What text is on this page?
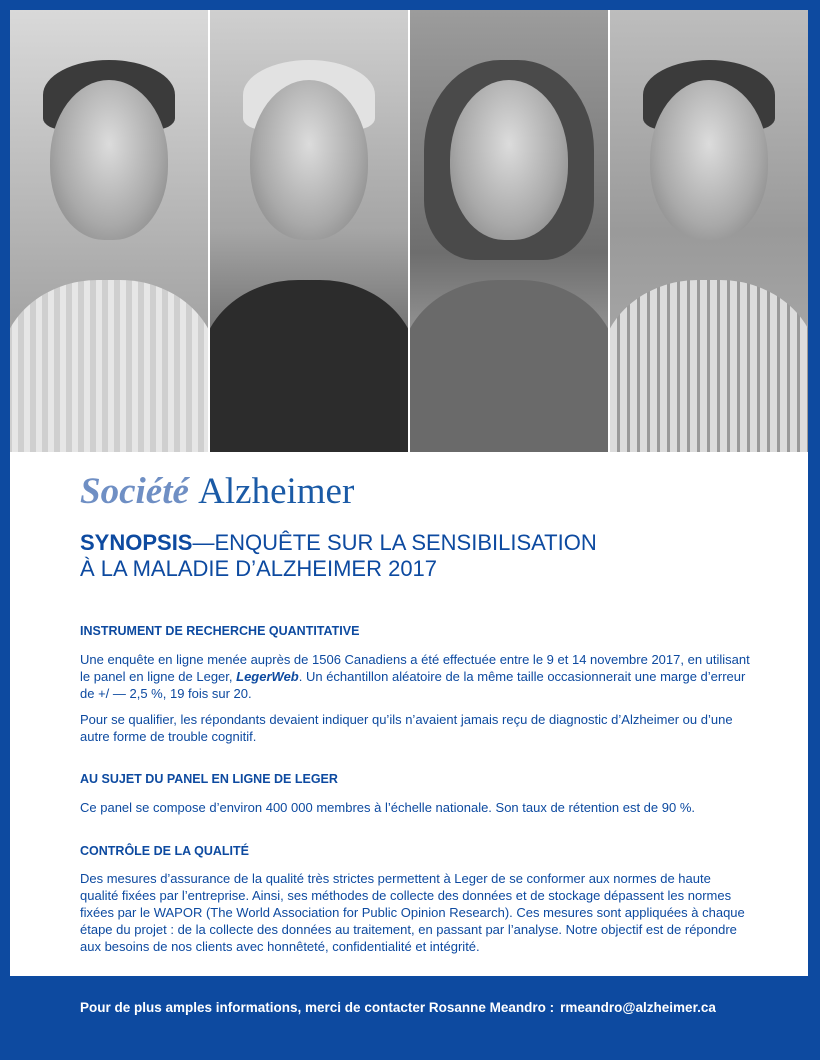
Société Alzheimer
SYNOPSIS—ENQUÊTE SUR LA SENSIBILISATION
À LA MALADIE D’ALZHEIMER 2017
INSTRUMENT DE RECHERCHE QUANTITATIVE

Une enquête en ligne menée auprès de 1506 Canadiens a été effectuée entre le 9 et 14 novembre 2017, en utilisant le panel en ligne de Leger, LegerWeb. Un échantillon aléatoire de la même taille occasionnerait une marge d’erreur de +/ — 2,5 %, 19 fois sur 20.

Pour se qualifier, les répondants devaient indiquer qu’ils n’avaient jamais reçu de diagnostic d’Alzheimer ou d’une autre forme de trouble cognitif.

AU SUJET DU PANEL EN LIGNE DE LEGER

Ce panel se compose d’environ 400 000 membres à l’échelle nationale. Son taux de rétention est de 90 %.

CONTRÔLE DE LA QUALITÉ

Des mesures d’assurance de la qualité très strictes permettent à Leger de se conformer aux normes de haute qualité fixées par l’entreprise. Ainsi, ses méthodes de collecte des données et de stockage dépassent les normes fixées par le WAPOR (The World Association for Public Opinion Research). Ces mesures sont appliquées à chaque étape du projet : de la collecte des données au traitement, en passant par l’analyse. Notre objectif est de répondre aux besoins de nos clients avec honnêteté, confidentialité et intégrité.

Pour de plus amples informations, merci de contacter Rosanne Meandro : rmeandro@alzheimer.ca
